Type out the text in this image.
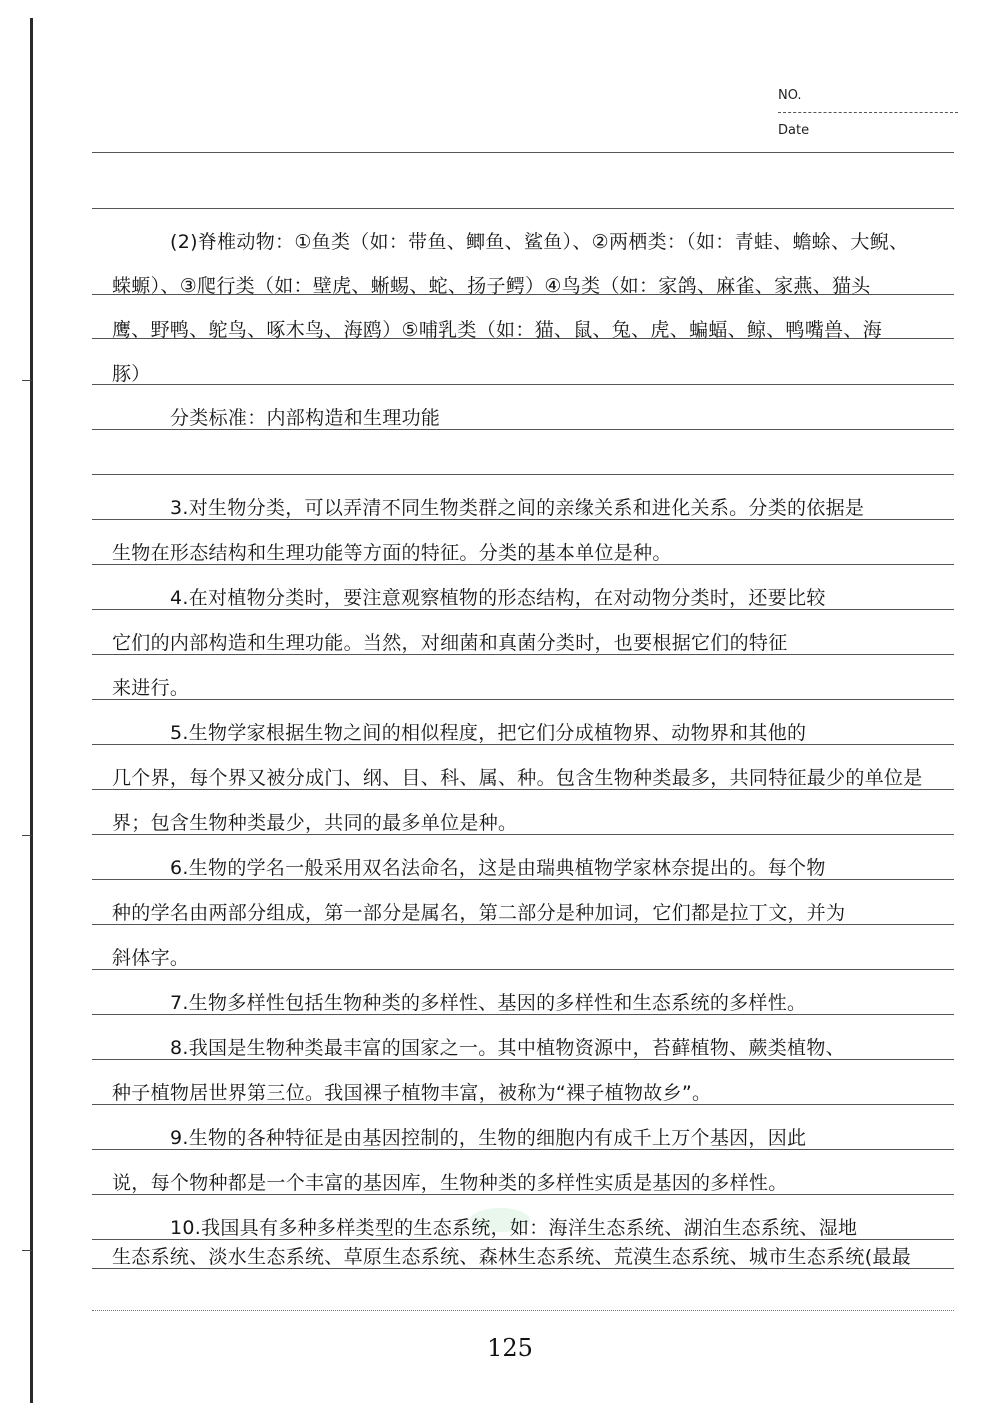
NO.
Date
(2)脊椎动物：①鱼类（如：带鱼、鲫鱼、鲨鱼）、②两栖类：（如：青蛙、蟾蜍、大鲵、
蝾螈）、③爬行类（如：壁虎、蜥蜴、蛇、扬子鳄）④鸟类（如：家鸽、麻雀、家燕、猫头
鹰、野鸭、鸵鸟、啄木鸟、海鸥）⑤哺乳类（如：猫、鼠、兔、虎、蝙蝠、鲸、鸭嘴兽、海
豚）
分类标准：内部构造和生理功能
3.对生物分类，可以弄清不同生物类群之间的亲缘关系和进化关系。分类的依据是
生物在形态结构和生理功能等方面的特征。分类的基本单位是种。
4.在对植物分类时，要注意观察植物的形态结构，在对动物分类时，还要比较
它们的内部构造和生理功能。当然，对细菌和真菌分类时，也要根据它们的特征
来进行。
5.生物学家根据生物之间的相似程度，把它们分成植物界、动物界和其他的
几个界，每个界又被分成门、纲、目、科、属、种。包含生物种类最多，共同特征最少的单位是
界；包含生物种类最少，共同的最多单位是种。
6.生物的学名一般采用双名法命名，这是由瑞典植物学家林奈提出的。每个物
种的学名由两部分组成，第一部分是属名，第二部分是种加词，它们都是拉丁文，并为
斜体字。
7.生物多样性包括生物种类的多样性、基因的多样性和生态系统的多样性。
8.我国是生物种类最丰富的国家之一。其中植物资源中，苔藓植物、蕨类植物、
种子植物居世界第三位。我国裸子植物丰富，被称为“裸子植物故乡”。
9.生物的各种特征是由基因控制的，生物的细胞内有成千上万个基因，因此
说，每个物种都是一个丰富的基因库，生物种类的多样性实质是基因的多样性。
10.我国具有多种多样类型的生态系统，如：海洋生态系统、湖泊生态系统、湿地
生态系统、淡水生态系统、草原生态系统、森林生态系统、荒漠生态系统、城市生态系统(最最
125
